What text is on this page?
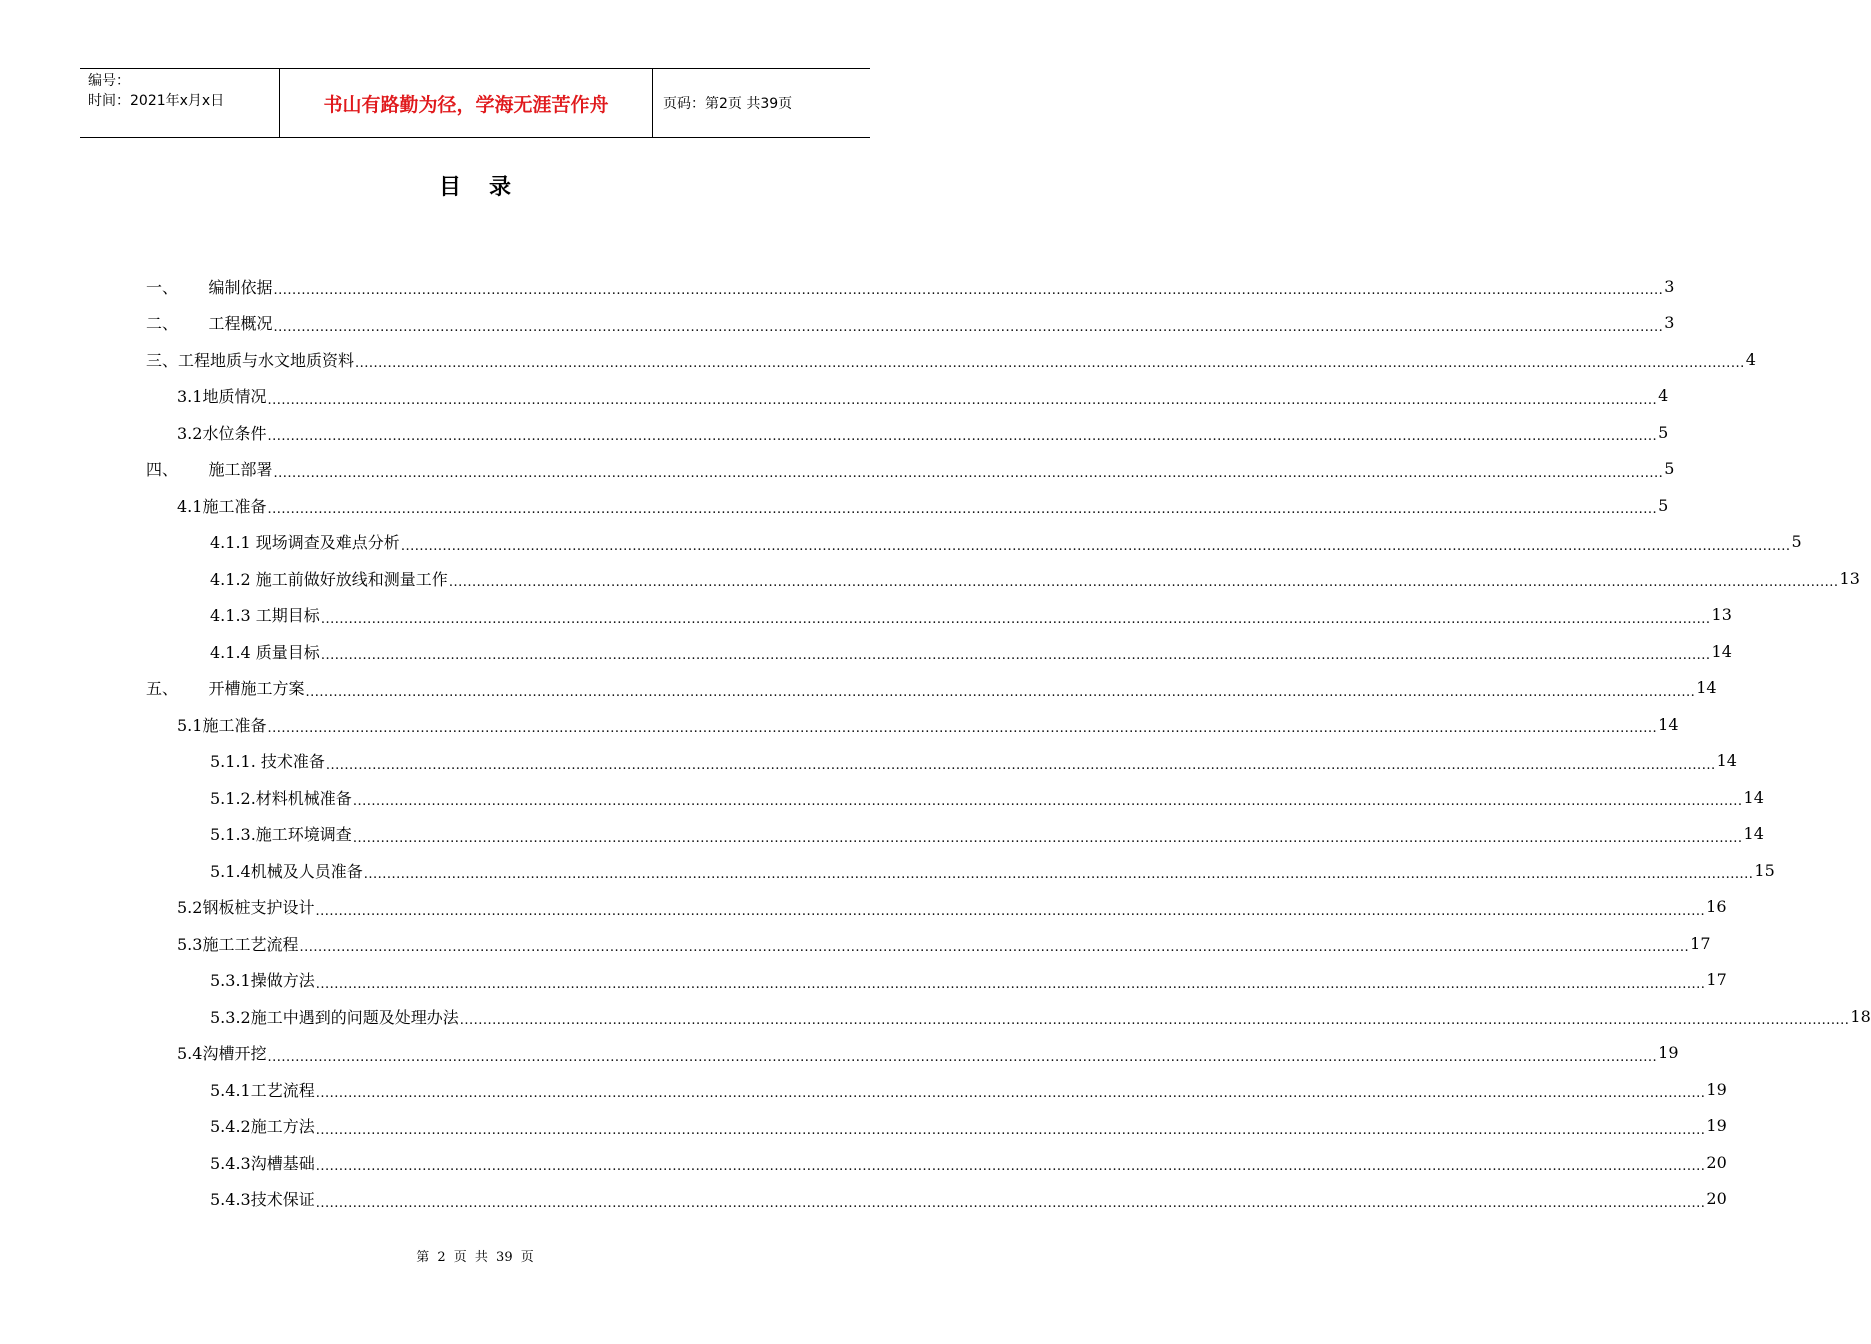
编号：
时间：2021年x月x日	书山有路勤为径，学海无涯苦作舟	页码：第2页 共39页
目录
一、      编制依据 ............................................................................................................................................................................................................................................................................................................ 3
二、      工程概况 ............................................................................................................................................................................................................................................................................................................ 3
三、工程地质与水文地质资料 ............................................................................................................................................................................................................................................................................................................ 4
3.1地质情况 ............................................................................................................................................................................................................................................................................................................ 4
3.2水位条件 ............................................................................................................................................................................................................................................................................................................ 5
四、      施工部署 ............................................................................................................................................................................................................................................................................................................ 5
4.1施工准备 ............................................................................................................................................................................................................................................................................................................ 5
4.1.1 现场调查及难点分析 ............................................................................................................................................................................................................................................................................................................ 5
4.1.2 施工前做好放线和测量工作 ............................................................................................................................................................................................................................................................................................................ 13
4.1.3 工期目标 ............................................................................................................................................................................................................................................................................................................ 13
4.1.4 质量目标 ............................................................................................................................................................................................................................................................................................................ 14
五、      开槽施工方案 ............................................................................................................................................................................................................................................................................................................ 14
5.1施工准备 ............................................................................................................................................................................................................................................................................................................ 14
5.1.1. 技术准备 ............................................................................................................................................................................................................................................................................................................ 14
5.1.2.材料机械准备 ............................................................................................................................................................................................................................................................................................................ 14
5.1.3.施工环境调查 ............................................................................................................................................................................................................................................................................................................ 14
5.1.4机械及人员准备 ............................................................................................................................................................................................................................................................................................................ 15
5.2钢板桩支护设计 ............................................................................................................................................................................................................................................................................................................ 16
5.3施工工艺流程 ............................................................................................................................................................................................................................................................................................................ 17
5.3.1操做方法 ............................................................................................................................................................................................................................................................................................................ 17
5.3.2施工中遇到的问题及处理办法 ............................................................................................................................................................................................................................................................................................................ 18
5.4沟槽开挖 ............................................................................................................................................................................................................................................................................................................ 19
5.4.1工艺流程 ............................................................................................................................................................................................................................................................................................................ 19
5.4.2施工方法 ............................................................................................................................................................................................................................................................................................................ 19
5.4.3沟槽基础 ............................................................................................................................................................................................................................................................................................................ 20
5.4.3技术保证 ............................................................................................................................................................................................................................................................................................................ 20
第 2 页 共 39 页
